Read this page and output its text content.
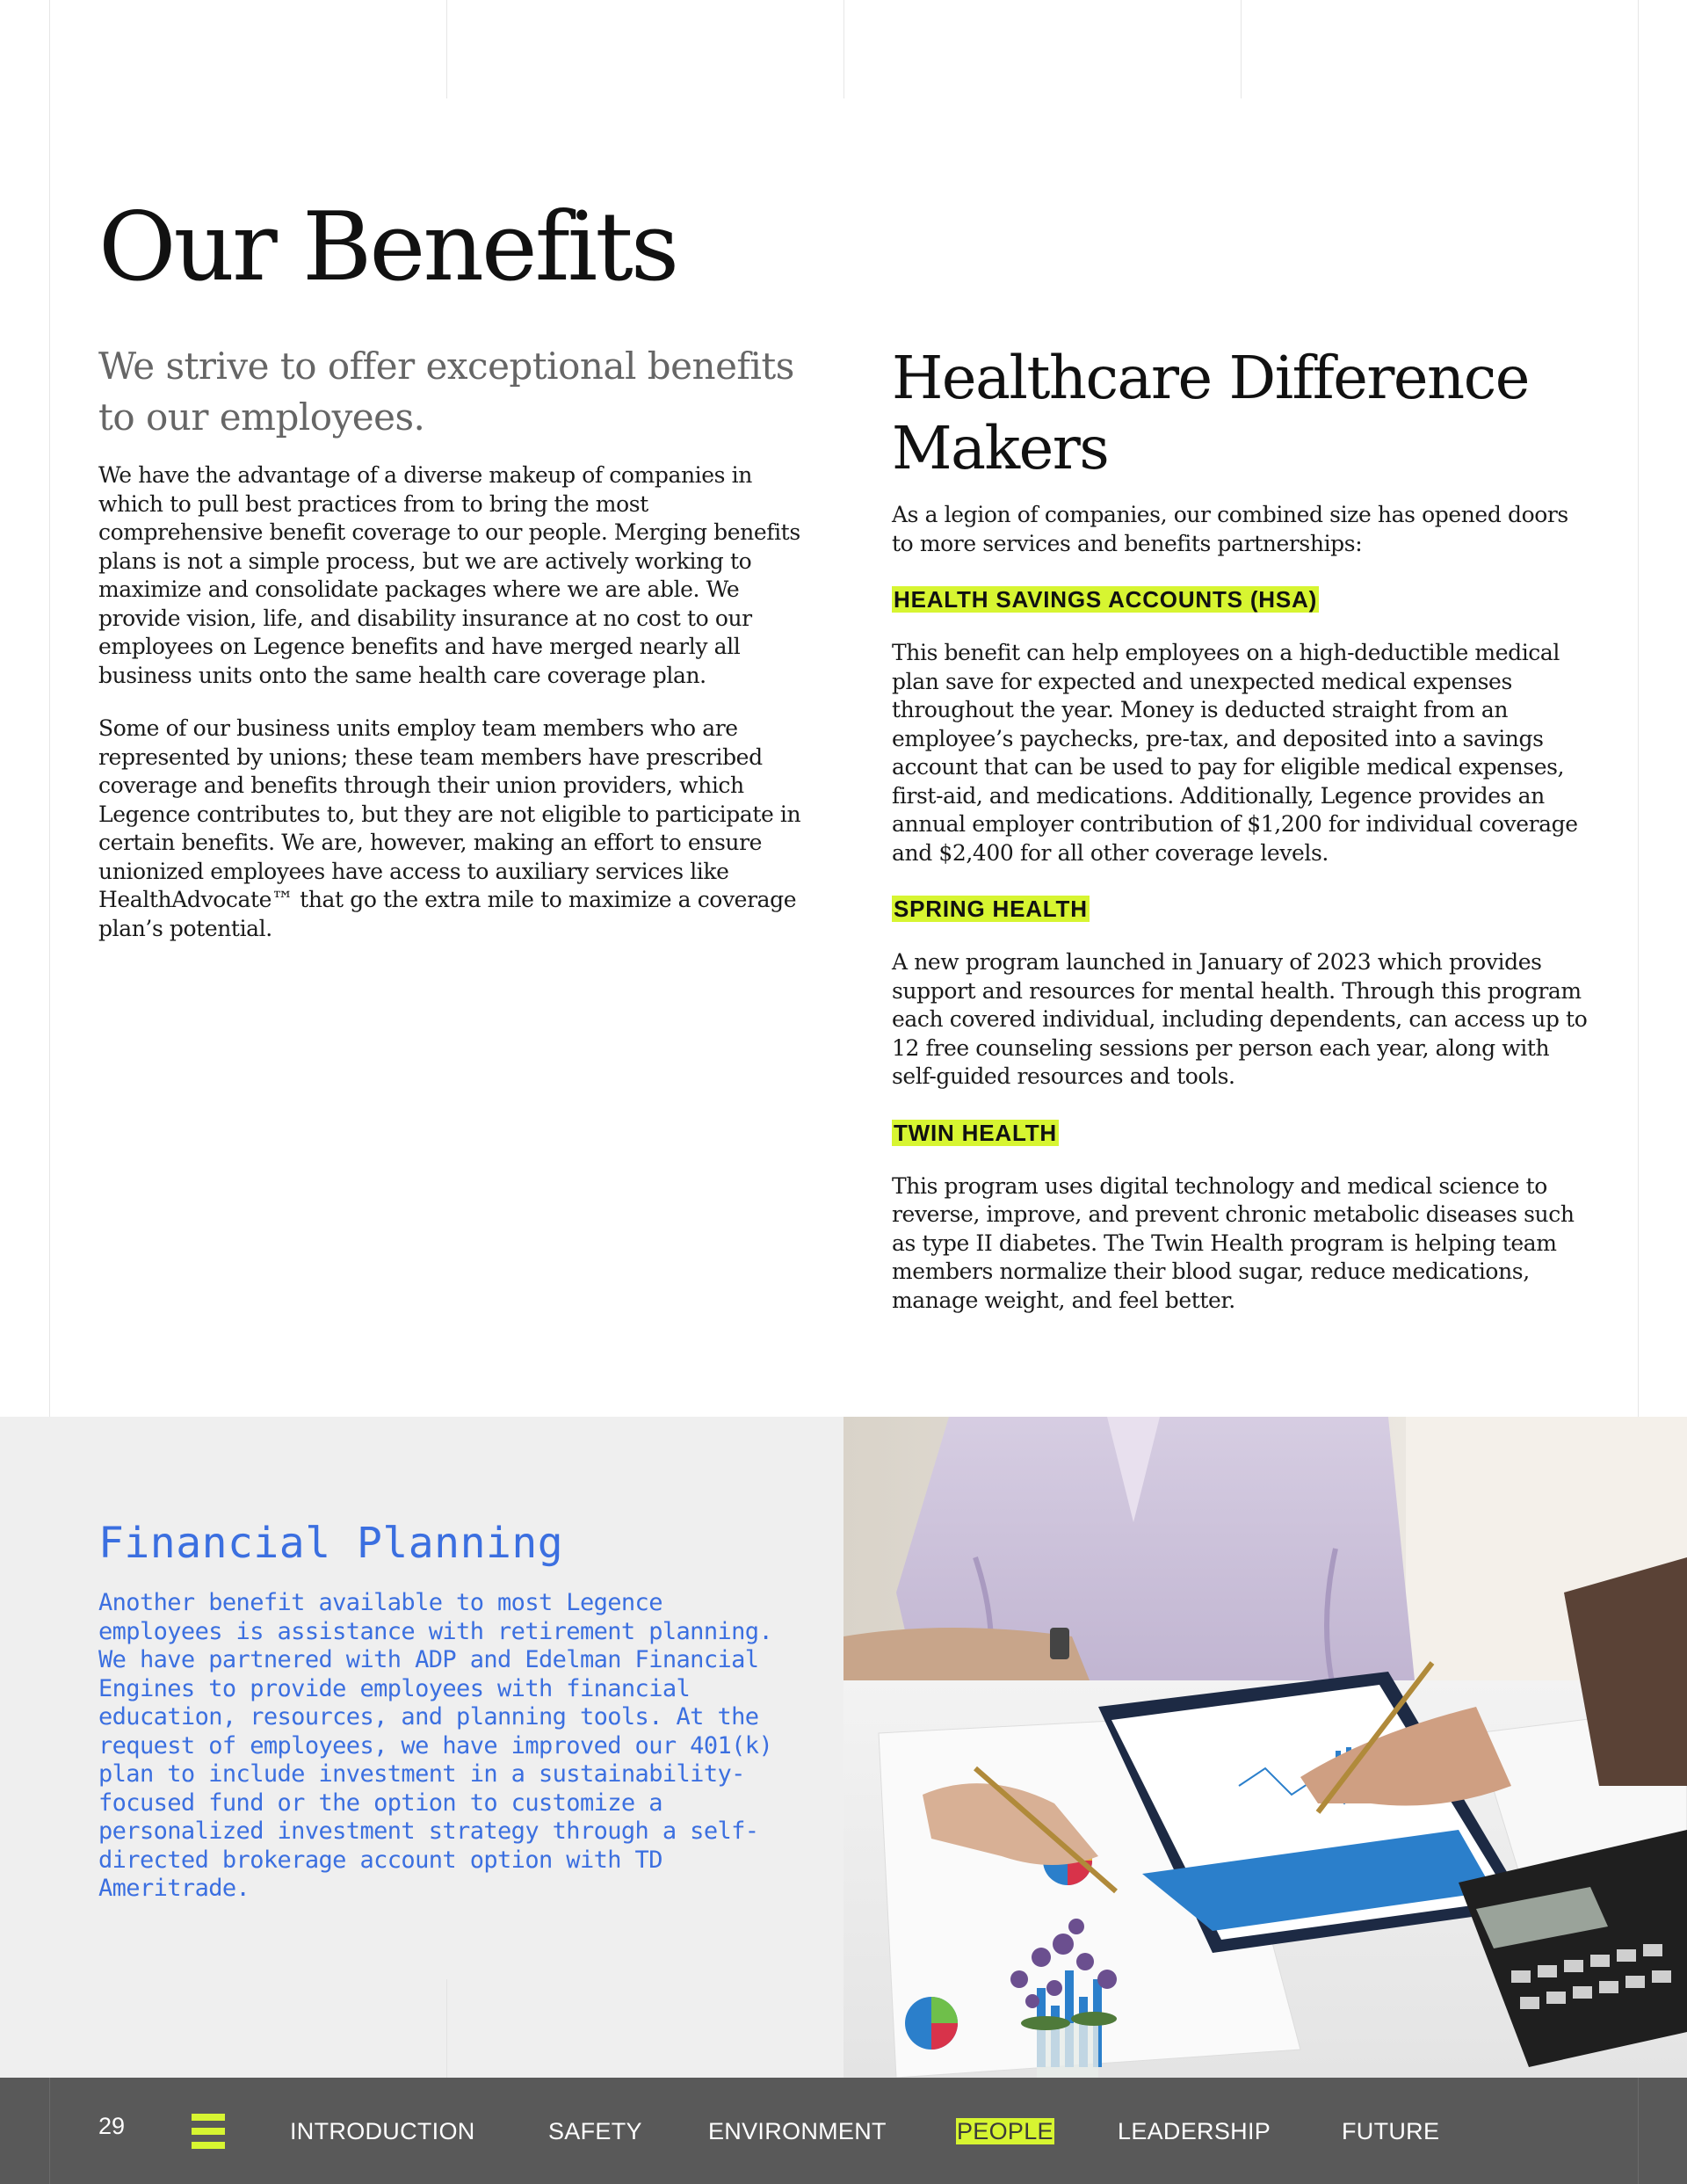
Our Benefits

We strive to offer exceptional benefits to our employees.

We have the advantage of a diverse makeup of companies in which to pull best practices from to bring the most comprehensive benefit coverage to our people. Merging benefits plans is not a simple process, but we are actively working to maximize and consolidate packages where we are able. We provide vision, life, and disability insurance at no cost to our employees on Legence benefits and have merged nearly all business units onto the same health care coverage plan.

Some of our business units employ team members who are represented by unions; these team members have prescribed coverage and benefits through their union providers, which Legence contributes to, but they are not eligible to participate in certain benefits. We are, however, making an effort to ensure unionized employees have access to auxiliary services like HealthAdvocate™ that go the extra mile to maximize a coverage plan’s potential.

Healthcare Difference Makers

As a legion of companies, our combined size has opened doors to more services and benefits partnerships:

HEALTH SAVINGS ACCOUNTS (HSA)

This benefit can help employees on a high-deductible medical plan save for expected and unexpected medical expenses throughout the year. Money is deducted straight from an employee’s paychecks, pre-tax, and deposited into a savings account that can be used to pay for eligible medical expenses, first-aid, and medications. Additionally, Legence provides an annual employer contribution of $1,200 for individual coverage and $2,400 for all other coverage levels.

SPRING HEALTH

A new program launched in January of 2023 which provides support and resources for mental health. Through this program each covered individual, including dependents, can access up to 12 free counseling sessions per person each year, along with self-guided resources and tools.

TWIN HEALTH

This program uses digital technology and medical science to reverse, improve, and prevent chronic metabolic diseases such as type II diabetes. The Twin Health program is helping team members normalize their blood sugar, reduce medications, manage weight, and feel better.

Financial Planning

Another benefit available to most Legence employees is assistance with retirement planning. We have partnered with ADP and Edelman Financial Engines to provide employees with financial education, resources, and planning tools. At the request of employees, we have improved our 401(k) plan to include investment in a sustainability-focused fund or the option to customize a personalized investment strategy through a self-directed brokerage account option with TD Ameritrade.

29	INTRODUCTION	SAFETY	ENVIRONMENT	PEOPLE	LEADERSHIP	FUTURE
